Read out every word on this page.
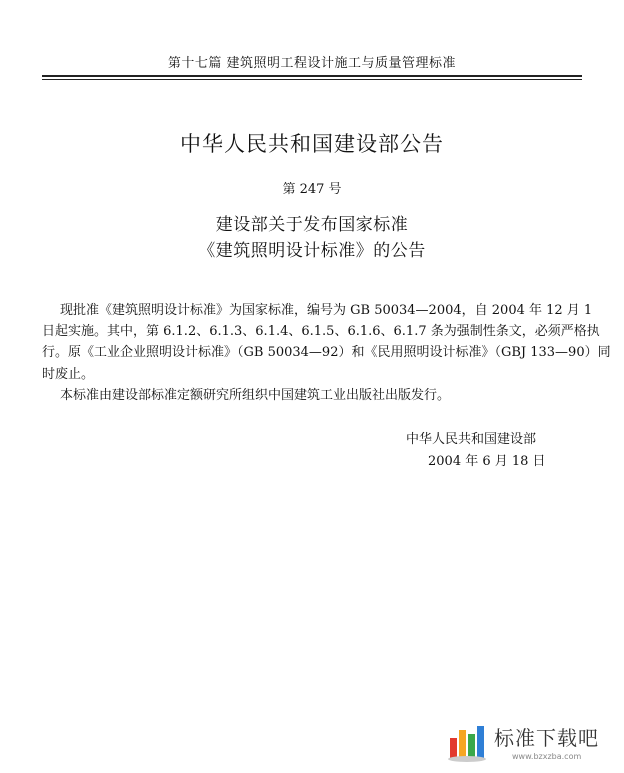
第十七篇 建筑照明工程设计施工与质量管理标准
中华人民共和国建设部公告
第 247 号
建设部关于发布国家标准
《建筑照明设计标准》的公告
现批准《建筑照明设计标准》为国家标准，编号为 GB 50034—2004，自 2004 年 12 月 1
日起实施。其中，第 6.1.2、6.1.3、6.1.4、6.1.5、6.1.6、6.1.7 条为强制性条文，必须严格执
行。原《工业企业照明设计标准》（GB 50034—92）和《民用照明设计标准》（GBJ 133—90）同
时废止。
本标准由建设部标准定额研究所组织中国建筑工业出版社出版发行。
中华人民共和国建设部
2004 年 6 月 18 日
标准下载吧
www.bzxzba.com
